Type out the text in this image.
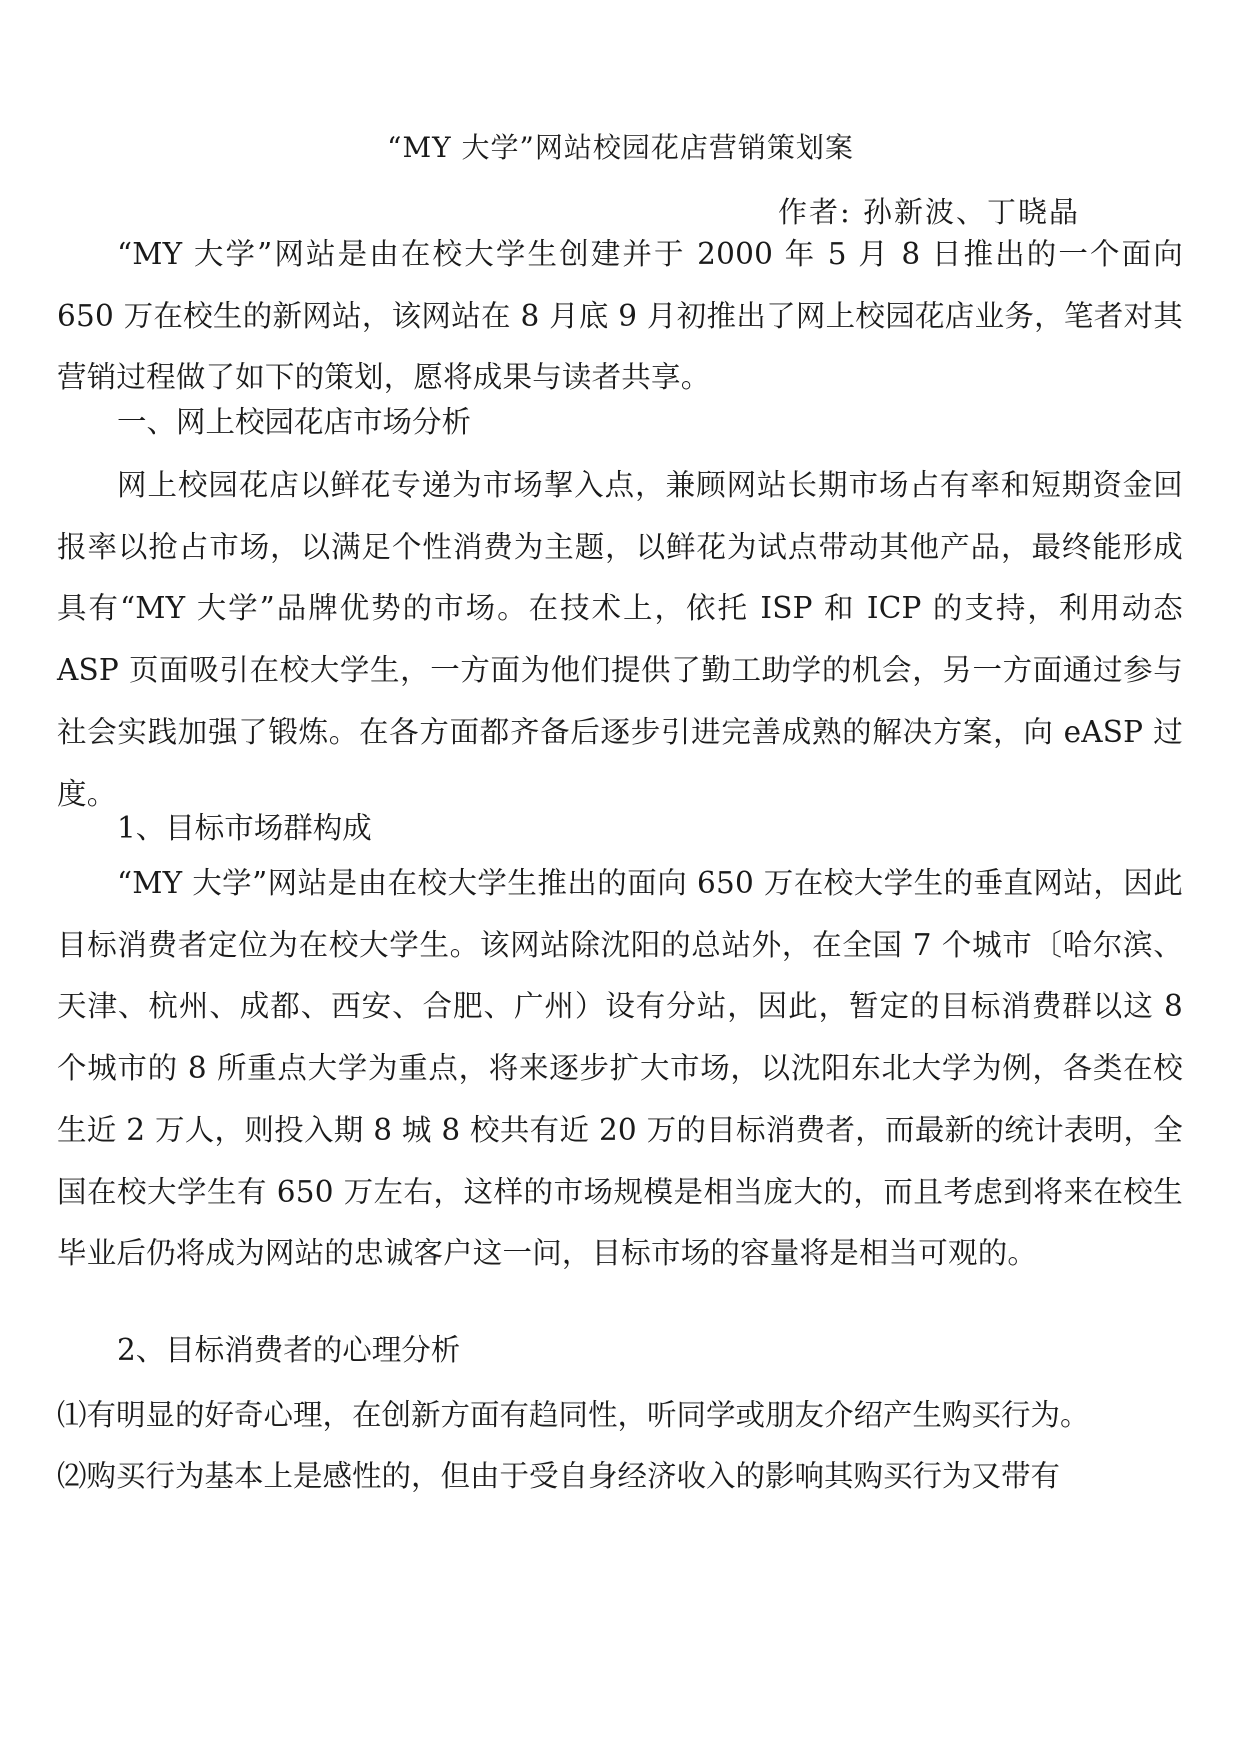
“MY 大学”网站校园花店营销策划案
作者: 孙新波、丁晓晶

“MY 大学”网站是由在校大学生创建并于 2000 年 5 月 8 日推出的一个面向 650 万在校生的新网站，该网站在 8 月底 9 月初推出了网上校园花店业务，笔者对其营销过程做了如下的策划，愿将成果与读者共享。

一、网上校园花店市场分析

网上校园花店以鲜花专递为市场挈入点，兼顾网站长期市场占有率和短期资金回报率以抢占市场，以满足个性消费为主题，以鲜花为试点带动其他产品，最终能形成具有“MY 大学”品牌优势的市场。在技术上，依托 ISP 和 ICP 的支持，利用动态 ASP 页面吸引在校大学生，一方面为他们提供了勤工助学的机会，另一方面通过参与社会实践加强了锻炼。在各方面都齐备后逐步引进完善成熟的解决方案，向 eASP 过度。

1、目标市场群构成

“MY 大学”网站是由在校大学生推出的面向 650 万在校大学生的垂直网站，因此目标消费者定位为在校大学生。该网站除沈阳的总站外，在全国 7 个城市〔哈尔滨、天津、杭州、成都、西安、合肥、广州）设有分站，因此，暂定的目标消费群以这 8 个城市的 8 所重点大学为重点，将来逐步扩大市场，以沈阳东北大学为例，各类在校生近 2 万人，则投入期 8 城 8 校共有近 20 万的目标消费者，而最新的统计表明，全国在校大学生有 650 万左右，这样的市场规模是相当庞大的，而且考虑到将来在校生毕业后仍将成为网站的忠诚客户这一问，目标市场的容量将是相当可观的。

2、目标消费者的心理分析
⑴有明显的好奇心理，在创新方面有趋同性，听同学或朋友介绍产生购买行为。
⑵购买行为基本上是感性的，但由于受自身经济收入的影响其购买行为又带有
